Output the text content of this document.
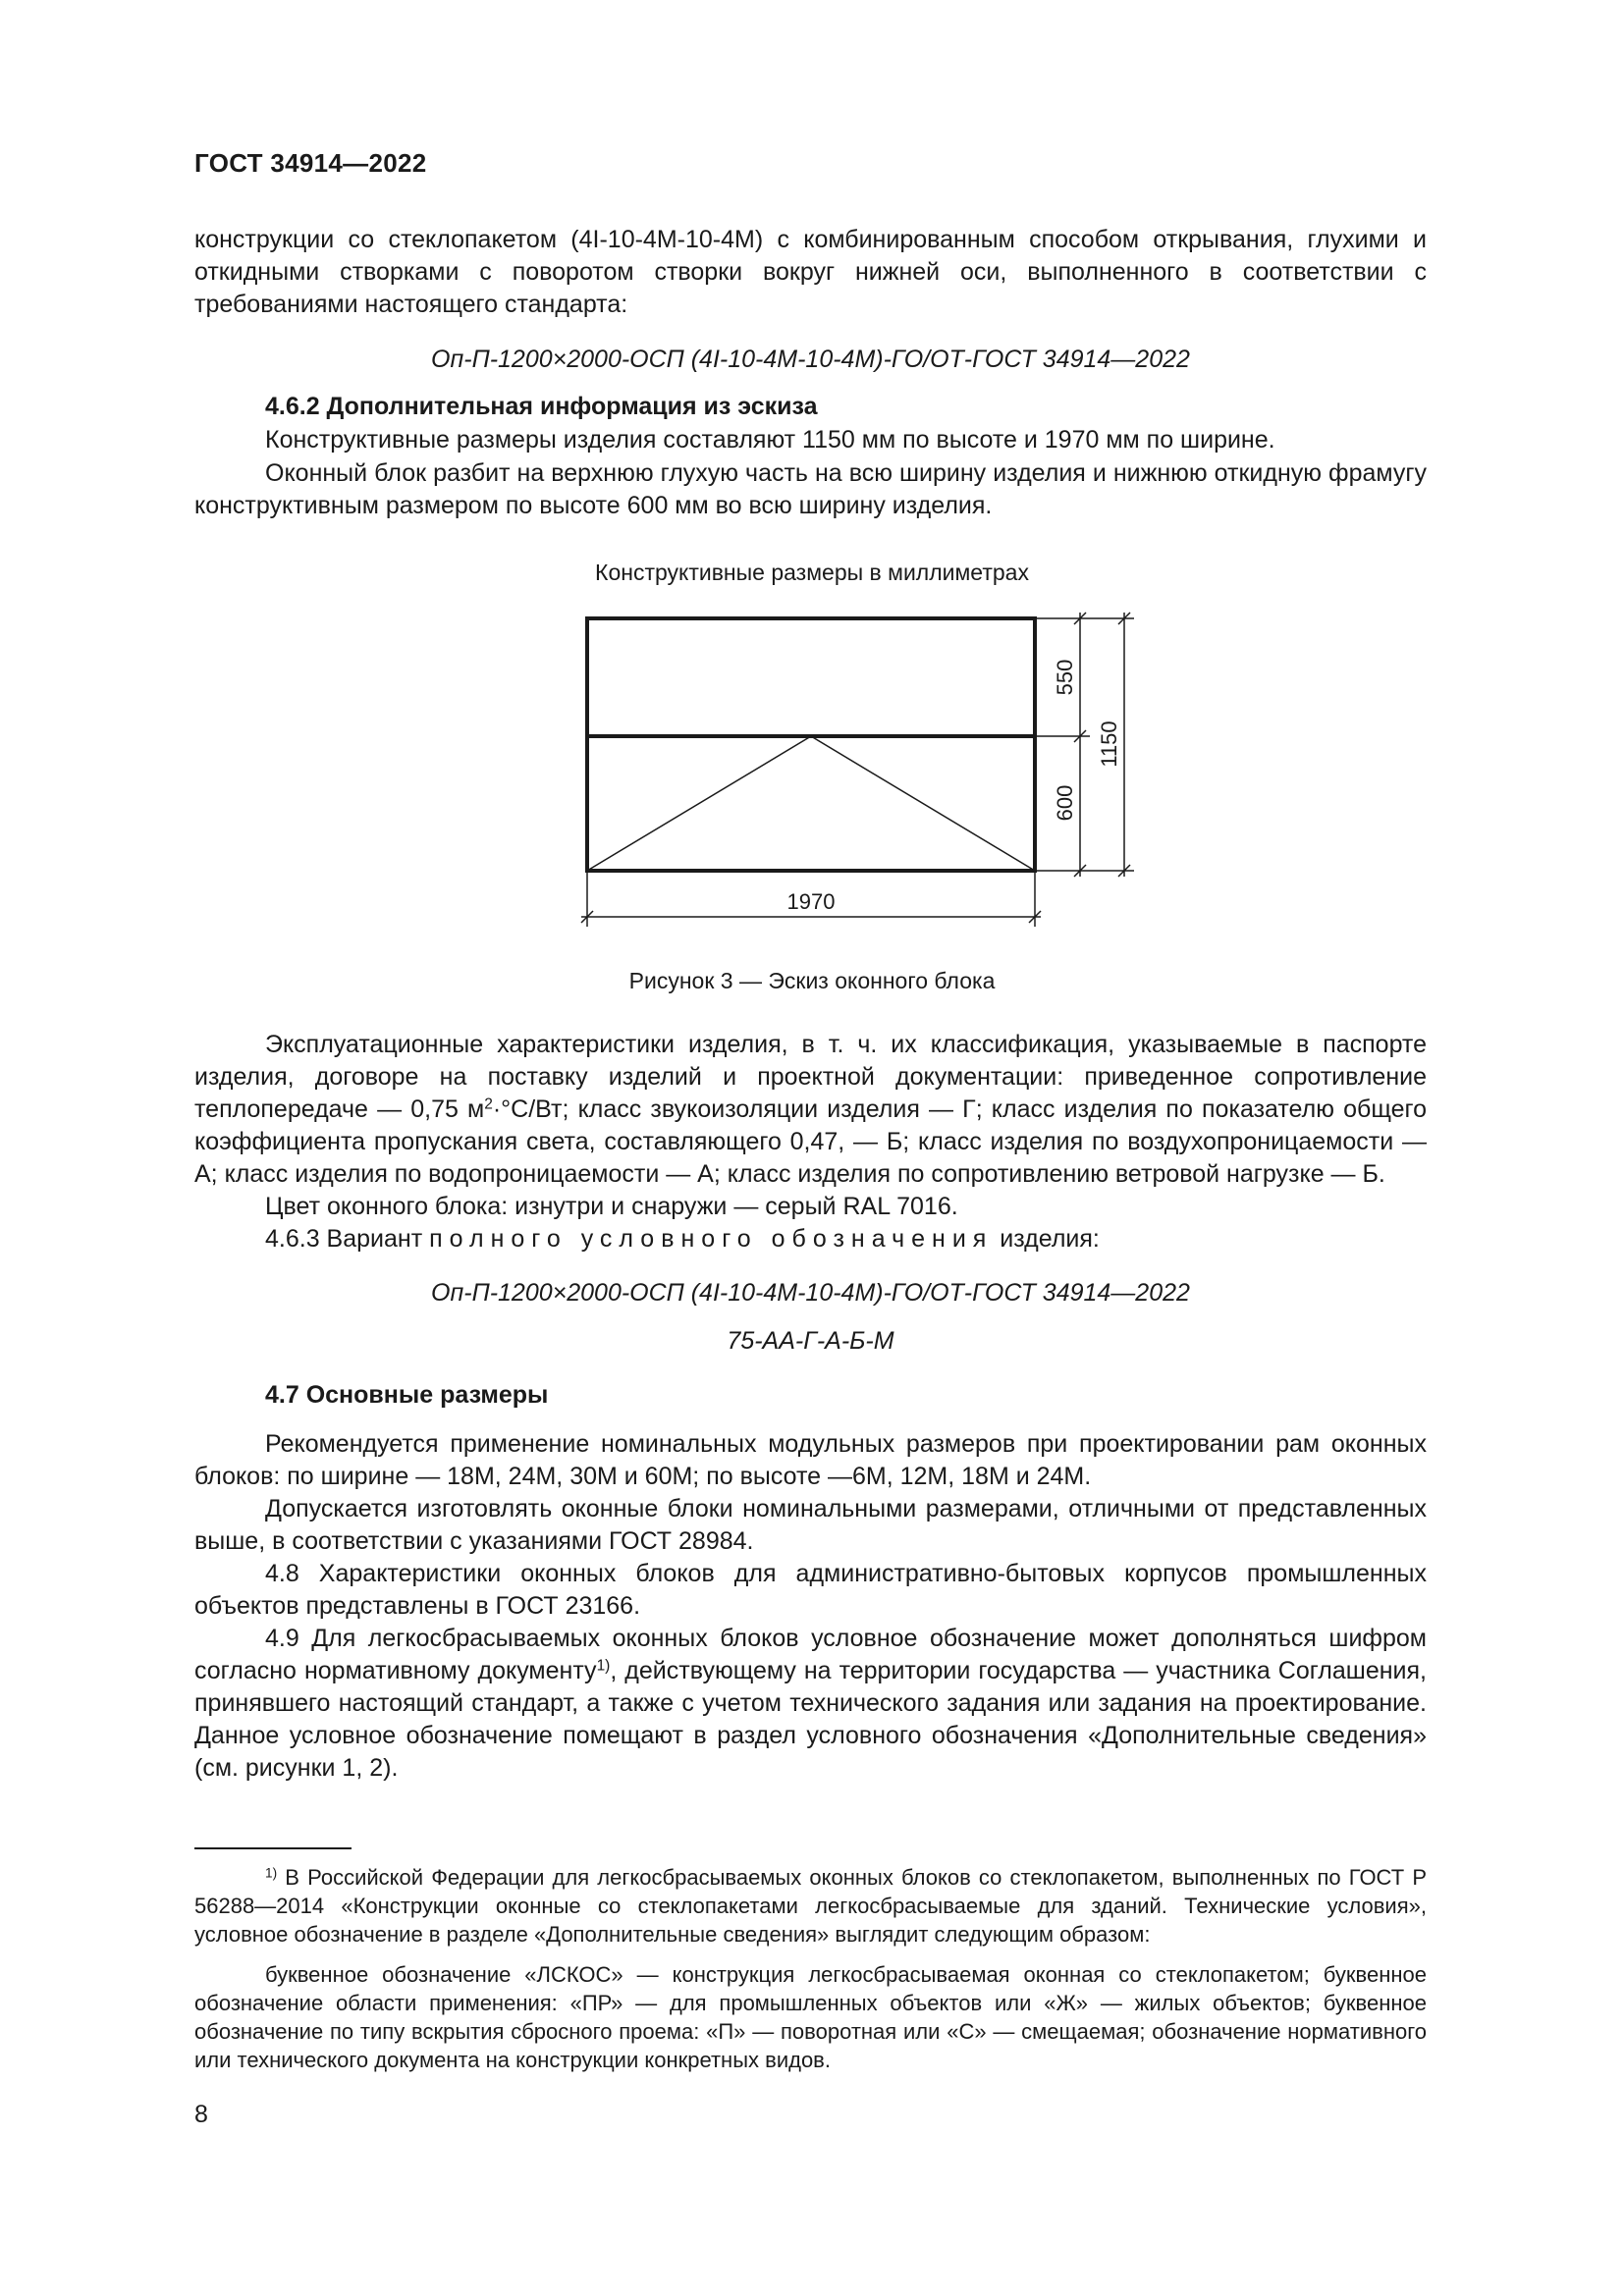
ГОСТ 34914—2022
конструкции со стеклопакетом (4I-10-4M-10-4M) с комбинированным способом открывания, глухими и откидными створками с поворотом створки вокруг нижней оси, выполненного в соответствии с требованиями настоящего стандарта:
Оп-П-1200×2000-ОСП (4I-10-4M-10-4M)-ГО/ОТ-ГОСТ 34914—2022
4.6.2 Дополнительная информация из эскиза
Конструктивные размеры изделия составляют 1150 мм по высоте и 1970 мм по ширине.
Оконный блок разбит на верхнюю глухую часть на всю ширину изделия и нижнюю откидную фрамугу конструктивным размером по высоте 600 мм во всю ширину изделия.
Конструктивные размеры в миллиметрах
550
600
1150
1970
Рисунок 3 — Эскиз оконного блока
Эксплуатационные характеристики изделия, в т. ч. их классификация, указываемые в паспорте изделия, договоре на поставку изделий и проектной документации: приведенное сопротивление теплопередаче — 0,75 $м^2\cdot^\circ С/Вт$; класс звукоизоляции изделия — Г; класс изделия по показателю общего коэффициента пропускания света, составляющего 0,47, — Б; класс изделия по воздухопроницаемости — А; класс изделия по водопроницаемости — А; класс изделия по сопротивлению ветровой нагрузке — Б.
Цвет оконного блока: изнутри и снаружи — серый RAL 7016.
4.6.3 Вариант полного условного обозначения изделия:
Оп-П-1200×2000-ОСП (4I-10-4M-10-4M)-ГО/ОТ-ГОСТ 34914—2022
75-АА-Г-А-Б-М
4.7 Основные размеры
Рекомендуется применение номинальных модульных размеров при проектировании рам оконных блоков: по ширине — 18М, 24М, 30М и 60М; по высоте —6М, 12М, 18М и 24М.
Допускается изготовлять оконные блоки номинальными размерами, отличными от представленных выше, в соответствии с указаниями ГОСТ 28984.
4.8 Характеристики оконных блоков для административно-бытовых корпусов промышленных объектов представлены в ГОСТ 23166.
4.9 Для легкосбрасываемых оконных блоков условное обозначение может дополняться шифром согласно нормативному документу$^{1)}$, действующему на территории государства — участника Соглашения, принявшего настоящий стандарт, а также с учетом технического задания или задания на проектирование. Данное условное обозначение помещают в раздел условного обозначения «Дополнительные сведения» (см. рисунки 1, 2).
$^{1)}$ В Российской Федерации для легкосбрасываемых оконных блоков со стеклопакетом, выполненных по ГОСТ Р 56288—2014 «Конструкции оконные со стеклопакетами легкосбрасываемые для зданий. Технические условия», условное обозначение в разделе «Дополнительные сведения» выглядит следующим образом:
буквенное обозначение «ЛСКОС» — конструкция легкосбрасываемая оконная со стеклопакетом; буквенное обозначение области применения: «ПР» — для промышленных объектов или «Ж» — жилых объектов; буквенное обозначение по типу вскрытия сбросного проема: «П» — поворотная или «С» — смещаемая; обозначение нормативного или технического документа на конструкции конкретных видов.
8
